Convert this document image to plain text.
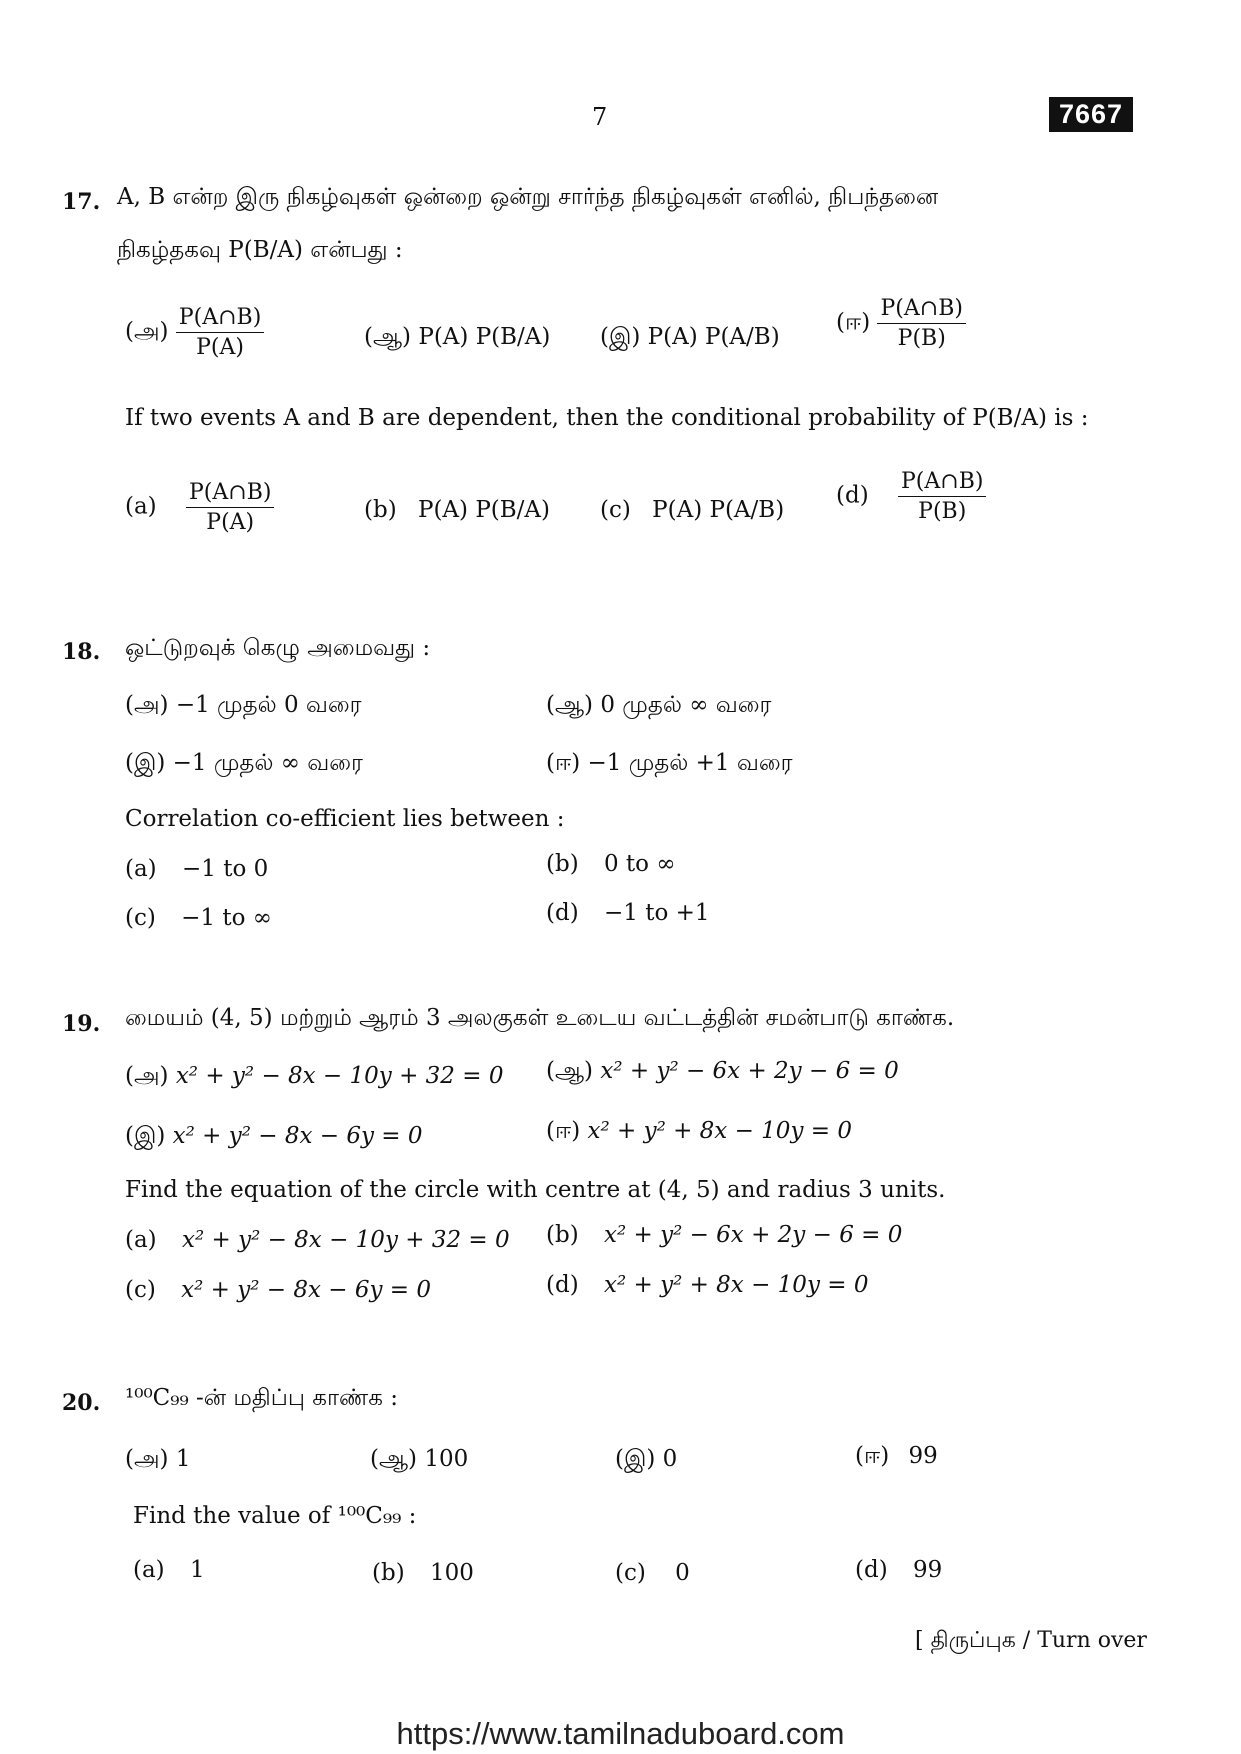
7	7667
17. A, B என்ற இரு நிகழ்வுகள் ஒன்றை ஒன்று சார்ந்த நிகழ்வுகள் எனில், நிபந்தனை
நிகழ்தகவு P(B/A) என்பது :
(அ) $\frac{P(A\cap B)}{P(A)}$	(ஆ) P(A) P(B/A) (இ) P(A) P(A/B)
(ஈ) $\frac{P(A\cap B)}{P(B)}$
If two events A and B are dependent, then the conditional probability of P(B/A) is :
$(a) \frac{P(A\cap B)}{P(A)}$	(b) P(A) P(B/A) (c) P(A) P(A/B)
$(d) \frac{P(A\cap B)}{P(B)}$
18. ஒட்டுறவுக் கெழு அமைவது :
(அ) −1 முதல் 0 வரை	(ஆ) 0 முதல் ∞ வரை
(இ) −1 முதல் ∞ வரை	(ஈ) −1 முதல் +1 வரை
Correlation co-efficient lies between :
(a) −1 to 0	(b) 0 to ∞
(c) −1 to ∞	(d) −1 to +1
19. மையம் (4, 5) மற்றும் ஆரம் 3 அலகுகள் உடைய வட்டத்தின் சமன்பாடு காண்க.
(அ) x² + y² − 8x − 10y + 32 = 0 (ஆ) x² + y² − 6x + 2y − 6 = 0
(இ) x² + y² − 8x − 6y = 0	(ஈ) x² + y² + 8x − 10y = 0
Find the equation of the circle with centre at (4, 5) and radius 3 units.
(a) x² + y² − 8x − 10y + 32 = 0 (b) x² + y² − 6x + 2y − 6 = 0
(c) x² + y² − 8x − 6y = 0	(d) x² + y² + 8x − 10y = 0
20. ¹⁰⁰C₉₉ -ன் மதிப்பு காண்க :
(அ) 1	(ஆ) 100	(இ) 0	(ஈ) 99
Find the value of ¹⁰⁰C₉₉ :
(a) 1	(b) 100	(c) 0	(d) 99
[ திருப்புக / Turn over
https://www.tamilnaduboard.com
